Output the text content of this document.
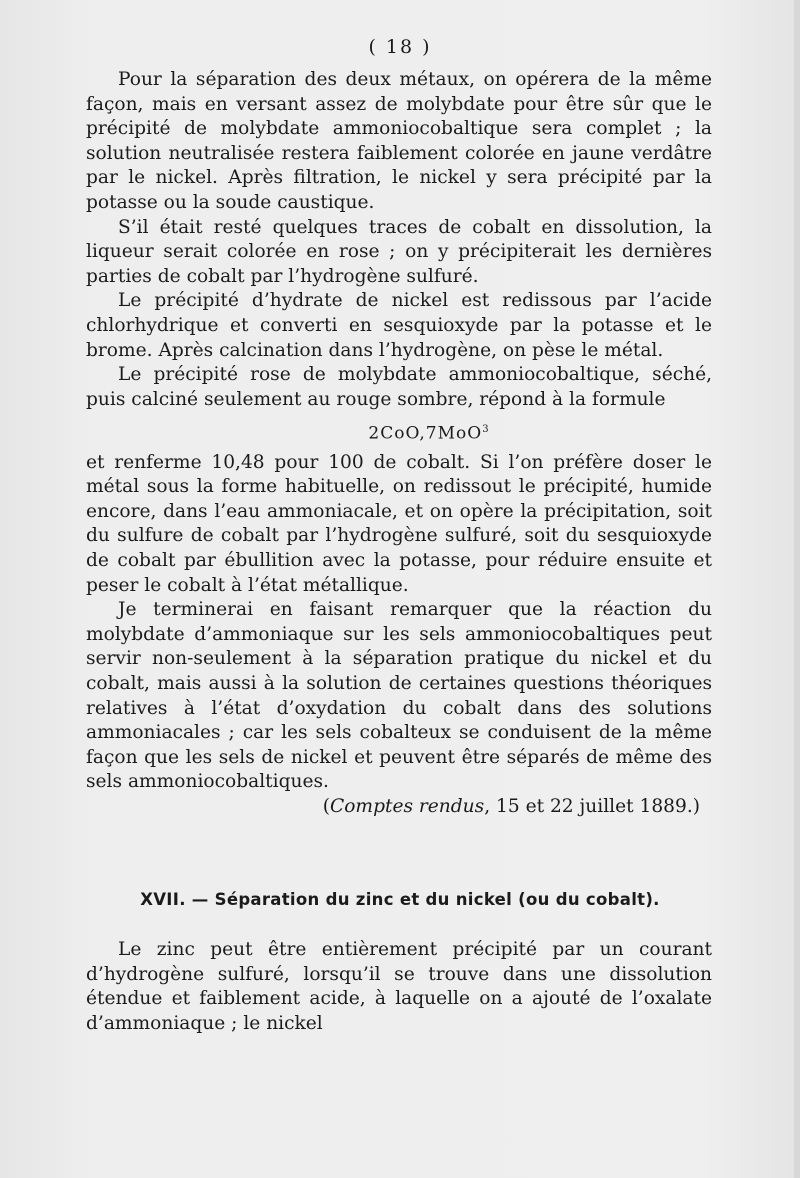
( 18 )

Pour la séparation des deux métaux, on opérera de la même façon, mais en versant assez de molybdate pour être sûr que le précipité de molybdate ammoniocobaltique sera complet ; la solution neutralisée restera faiblement colorée en jaune verdâtre par le nickel. Après filtration, le nickel y sera précipité par la potasse ou la soude caustique.

S’il était resté quelques traces de cobalt en dissolution, la liqueur serait colorée en rose ; on y précipiterait les dernières parties de cobalt par l’hydrogène sulfuré.

Le précipité d’hydrate de nickel est redissous par l’acide chlorhydrique et converti en sesquioxyde par la potasse et le brome. Après calcination dans l’hydrogène, on pèse le métal.

Le précipité rose de molybdate ammoniocobaltique, séché, puis calciné seulement au rouge sombre, répond à la formule

2CoO,7MoO$^3$

et renferme 10,48 pour 100 de cobalt. Si l’on préfère doser le métal sous la forme habituelle, on redissout le précipité, humide encore, dans l’eau ammoniacale, et on opère la précipitation, soit du sulfure de cobalt par l’hydrogène sulfuré, soit du sesquioxyde de cobalt par ébullition avec la potasse, pour réduire ensuite et peser le cobalt à l’état métallique.

Je terminerai en faisant remarquer que la réaction du molybdate d’ammoniaque sur les sels ammoniocobaltiques peut servir non-seulement à la séparation pratique du nickel et du cobalt, mais aussi à la solution de certaines questions théoriques relatives à l’état d’oxydation du cobalt dans des solutions ammoniacales ; car les sels cobalteux se conduisent de la même façon que les sels de nickel et peuvent être séparés de même des sels ammoniocobaltiques.

(Comptes rendus, 15 et 22 juillet 1889.)

XVII. — Séparation du zinc et du nickel (ou du cobalt).

Le zinc peut être entièrement précipité par un courant d’hydrogène sulfuré, lorsqu’il se trouve dans une dissolution étendue et faiblement acide, à laquelle on a ajouté de l’oxalate d’ammoniaque ; le nickel
